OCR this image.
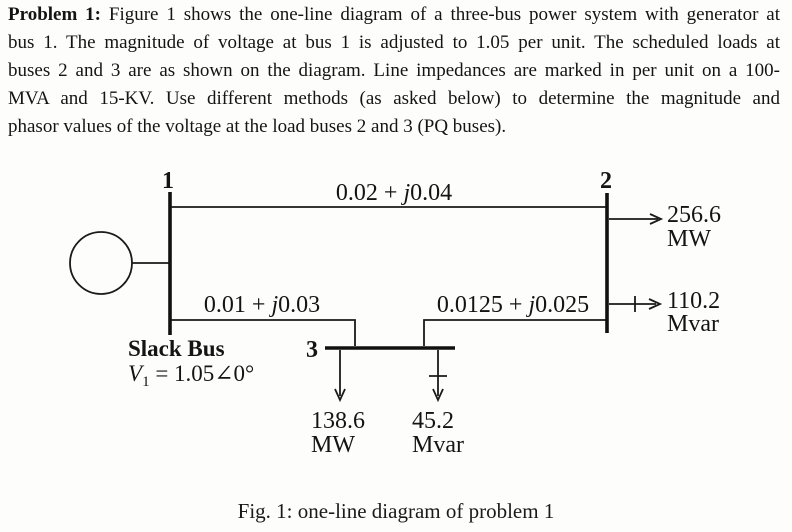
Problem 1: Figure 1 shows the one-line diagram of a three-bus power system with generator at
bus 1. The magnitude of voltage at bus 1 is adjusted to 1.05 per unit. The scheduled loads at
buses 2 and 3 are as shown on the diagram. Line impedances are marked in per unit on a 100-
MVA and 15-KV. Use different methods (as asked below) to determine the magnitude and
phasor values of the voltage at the load buses 2 and 3 (PQ buses).
1	2
3
0.02 + j0.04
0.01 + j0.03	0.0125 + j0.025
256.6
MW
110.2
Mvar
138.6
MW
45.2
Mvar
Slack Bus
$V_1$ = 1.05∠0°
Fig. 1: one-line diagram of problem 1
